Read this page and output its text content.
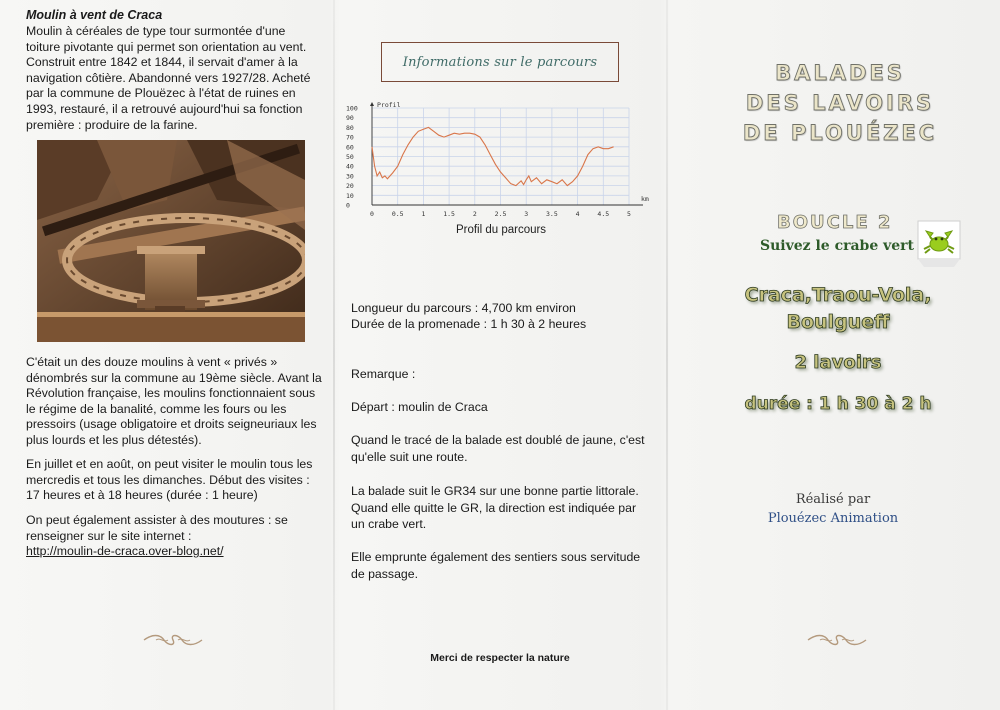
Moulin à vent de Craca
Moulin à céréales de type tour surmontée d'une toiture pivotante qui permet son orientation au vent. Construit entre 1842 et 1844, il servait d'amer à la navigation côtière. Abandonné vers 1927/28. Acheté par la commune de Plouëzec à l'état de ruines en 1993, restauré, il a retrouvé aujourd'hui sa fonction première : produire de la farine.
C'était un des douze moulins à vent « privés » dénombrés sur la commune au 19ème siècle. Avant la Révolution française, les moulins fonctionnaient sous le régime de la banalité, comme les fours ou les pressoirs (usage obligatoire et droits seigneuriaux les plus lourds et les plus détestés).
En juillet et en août, on peut visiter le moulin tous les mercredis et tous les dimanches. Début des visites : 17 heures et à 18 heures (durée : 1 heure)
On peut également assister à des moutures : se renseigner sur le site internet :
http://moulin-de-craca.over-blog.net/
Informations sur le parcours
100
90
80
70
60
50
40
30
20
10
0
0	0.5	1	1.5	2	2.5	3	3.5	4	4.5	5
Profil
km
Profil du parcours
Longueur du parcours : 4,700 km environ
Durée de la promenade : 1 h 30 à 2 heures
Remarque :
Départ : moulin de Craca
Quand le tracé de la balade est doublé de jaune, c'est qu'elle suit une route.
La balade suit le GR34 sur une bonne partie littorale. Quand elle quitte le GR, la direction est indiquée par un crabe vert.
Elle emprunte également des sentiers sous servitude de passage.
Merci de respecter la nature
BALADES
DES LAVOIRS
DE PLOUÉZEC
BOUCLE 2
Suivez le crabe vert
Craca,Traou-Vola,
Boulgueff
2 lavoirs
durée : 1 h 30 à 2 h
Réalisé par
Plouézec Animation
